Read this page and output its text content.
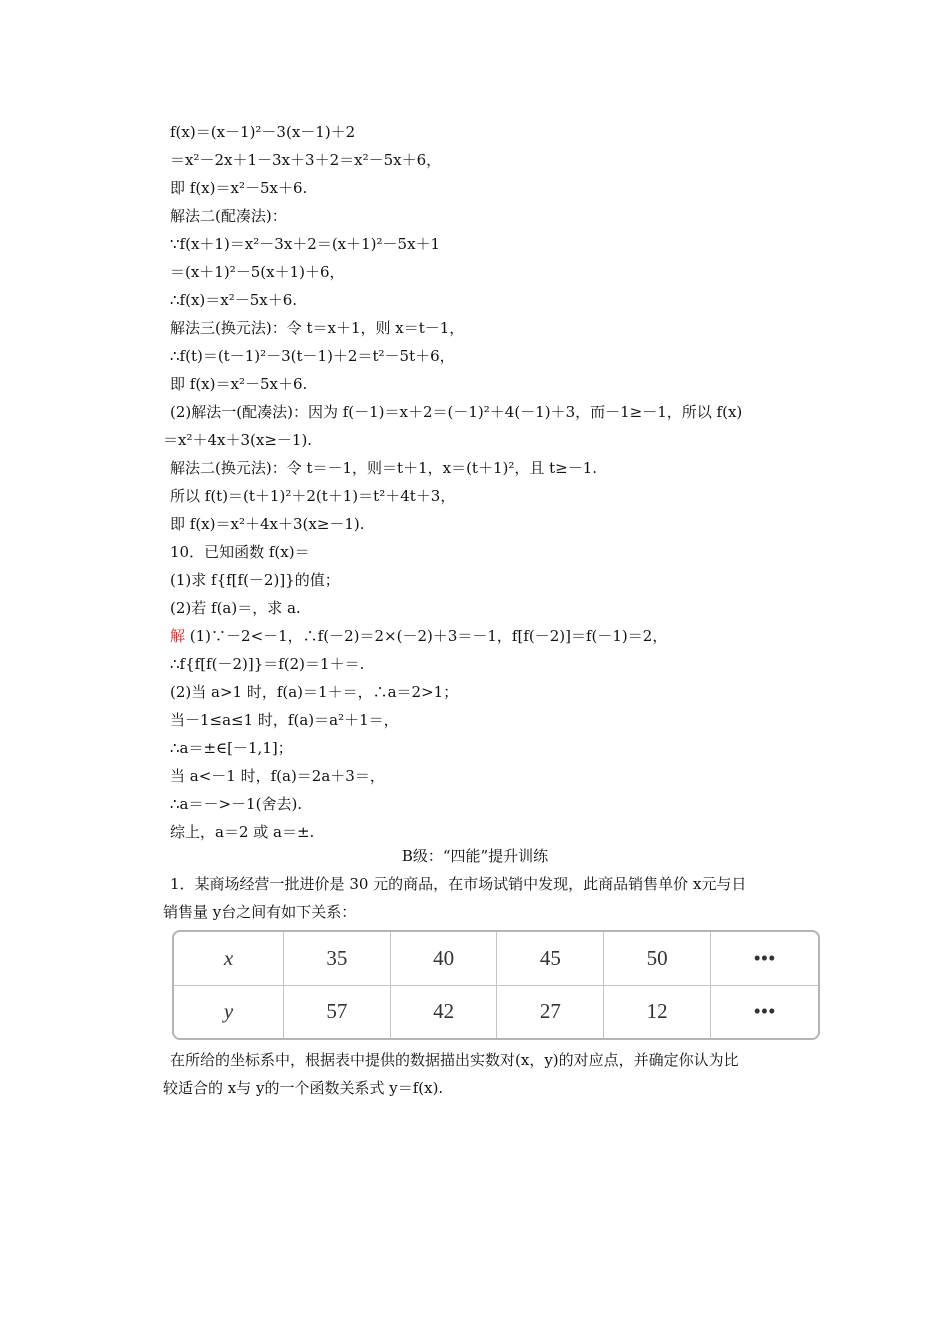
f(x)＝(x－1)²－3(x－1)＋2
＝x²－2x＋1－3x＋3＋2＝x²－5x＋6，
即 f(x)＝x²－5x＋6.
解法二(配凑法)：
∵f(x＋1)＝x²－3x＋2＝(x＋1)²－5x＋1
＝(x＋1)²－5(x＋1)＋6，
∴f(x)＝x²－5x＋6.
解法三(换元法)：令 t＝x＋1，则 x＝t－1，
∴f(t)＝(t－1)²－3(t－1)＋2＝t²－5t＋6，
即 f(x)＝x²－5x＋6.
(2)解法一(配凑法)：因为 f(－1)＝x＋2＝(－1)²＋4(－1)＋3，而－1≥－1，所以 f(x)
＝x²＋4x＋3(x≥－1).
解法二(换元法)：令 t＝－1，则＝t＋1，x＝(t＋1)²，且 t≥－1.
所以 f(t)＝(t＋1)²＋2(t＋1)＝t²＋4t＋3，
即 f(x)＝x²＋4x＋3(x≥－1).
10．已知函数 f(x)＝
(1)求 f{f[f(－2)]}的值；
(2)若 f(a)＝，求 a.
解 (1)∵－2<－1，∴f(－2)＝2×(－2)＋3＝－1，f[f(－2)]＝f(－1)＝2，
∴f{f[f(－2)]}＝f(2)＝1＋＝.
(2)当 a>1 时，f(a)＝1＋＝，∴a＝2>1；
当－1≤a≤1 时，f(a)＝a²＋1＝，
∴a＝±∈[－1,1]；
当 a<－1 时，f(a)＝2a＋3＝，
∴a＝－>－1(舍去).
综上，a＝2 或 a＝±.
B级：“四能”提升训练
1．某商场经营一批进价是 30 元的商品，在市场试销中发现，此商品销售单价 x元与日
销售量 y台之间有如下关系：
x	35	40	45	50	•••
y	57	42	27	12	•••
在所给的坐标系中，根据表中提供的数据描出实数对(x，y)的对应点，并确定你认为比
较适合的 x与 y的一个函数关系式 y＝f(x).
